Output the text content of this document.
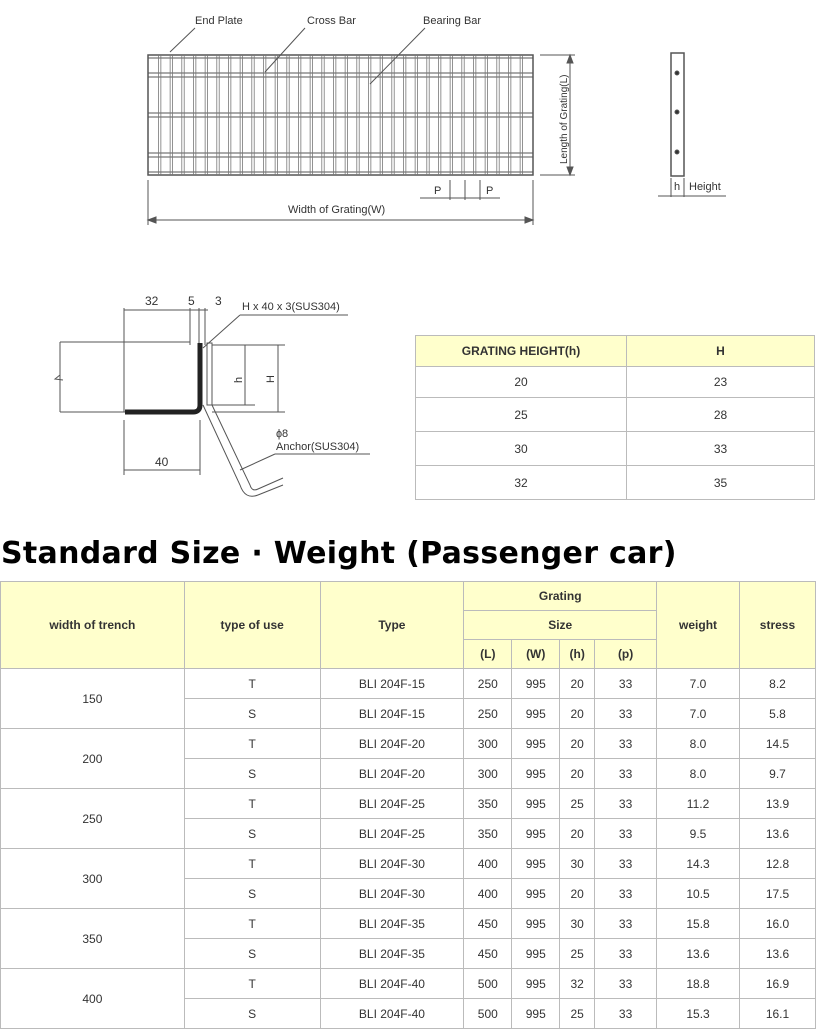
End Plate	Cross Bar	Bearing Bar
Length of Grating(L)
P	P
Width of Grating(W)
h Height
32 5 3 H x 40 x 3(SUS304)
h H
ɸ8
Anchor(SUS304)
40
GRATING HEIGHT(h)	H
20	23
25	28
30	33
32	35
Standard Size · Weight (Passenger car)
width of trench	type of use	Type	Grating				weight	stress
			Size					
			(L)	(W)	(h)	(p)		
150	T	BLI 204F-15	250	995	20	33	7.0	8.2
	S	BLI 204F-15	250	995	20	33	7.0	5.8
200	T	BLI 204F-20	300	995	20	33	8.0	14.5
	S	BLI 204F-20	300	995	20	33	8.0	9.7
250	T	BLI 204F-25	350	995	25	33	11.2	13.9
	S	BLI 204F-25	350	995	20	33	9.5	13.6
300	T	BLI 204F-30	400	995	30	33	14.3	12.8
	S	BLI 204F-30	400	995	20	33	10.5	17.5
350	T	BLI 204F-35	450	995	30	33	15.8	16.0
	S	BLI 204F-35	450	995	25	33	13.6	13.6
400	T	BLI 204F-40	500	995	32	33	18.8	16.9
	S	BLI 204F-40	500	995	25	33	15.3	16.1
